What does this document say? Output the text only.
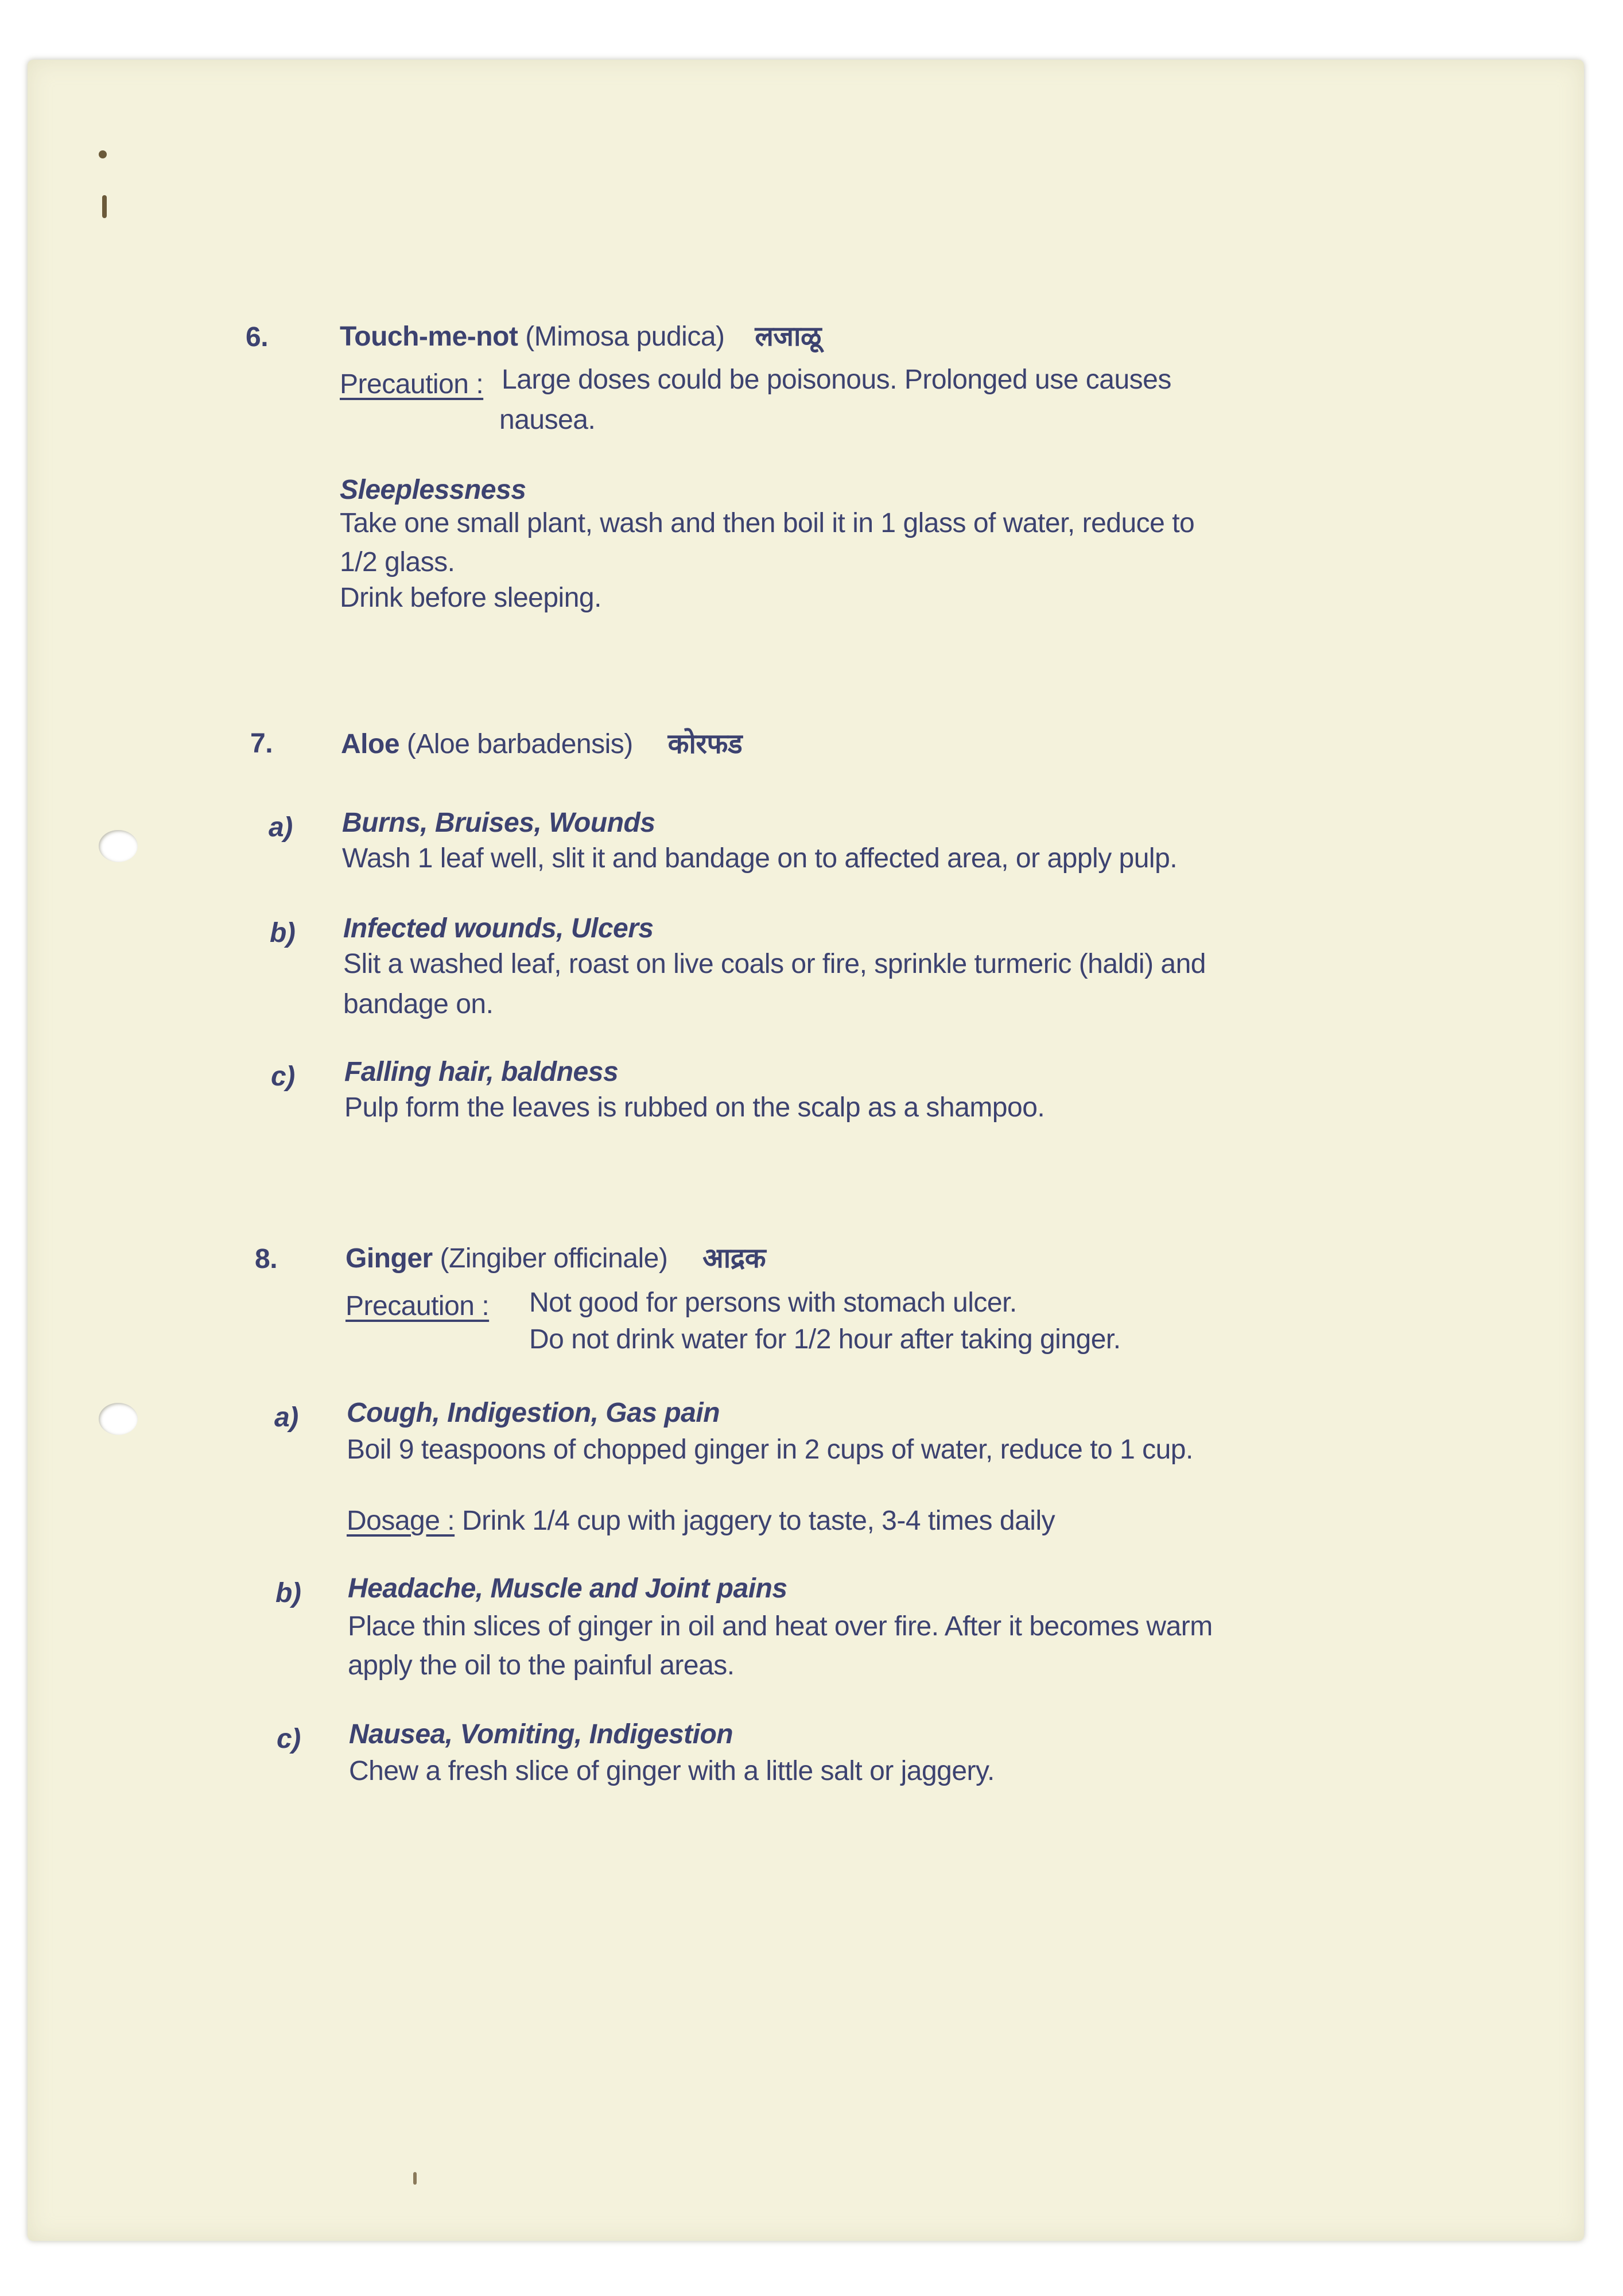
6.	Touch-me-not (Mimosa pudica) लजाळू
Precaution : Large doses could be poisonous. Prolonged use causes
nausea.
Sleeplessness
Take one small plant, wash and then boil it in 1 glass of water, reduce to
1/2 glass.
Drink before sleeping.
7. Aloe (Aloe barbadensis) कोरफड
a) Burns, Bruises, Wounds
Wash 1 leaf well, slit it and bandage on to affected area, or apply pulp.
b) Infected wounds, Ulcers
Slit a washed leaf, roast on live coals or fire, sprinkle turmeric (haldi) and
bandage on.
c) Falling hair, baldness
Pulp form the leaves is rubbed on the scalp as a shampoo.
8. Ginger (Zingiber officinale) आद्रक
Precaution : Not good for persons with stomach ulcer.
Do not drink water for 1/2 hour after taking ginger.
a) Cough, Indigestion, Gas pain
Boil 9 teaspoons of chopped ginger in 2 cups of water, reduce to 1 cup.
Dosage : Drink 1/4 cup with jaggery to taste, 3-4 times daily
b) Headache, Muscle and Joint pains
Place thin slices of ginger in oil and heat over fire. After it becomes warm
apply the oil to the painful areas.
c) Nausea, Vomiting, Indigestion
Chew a fresh slice of ginger with a little salt or jaggery.
